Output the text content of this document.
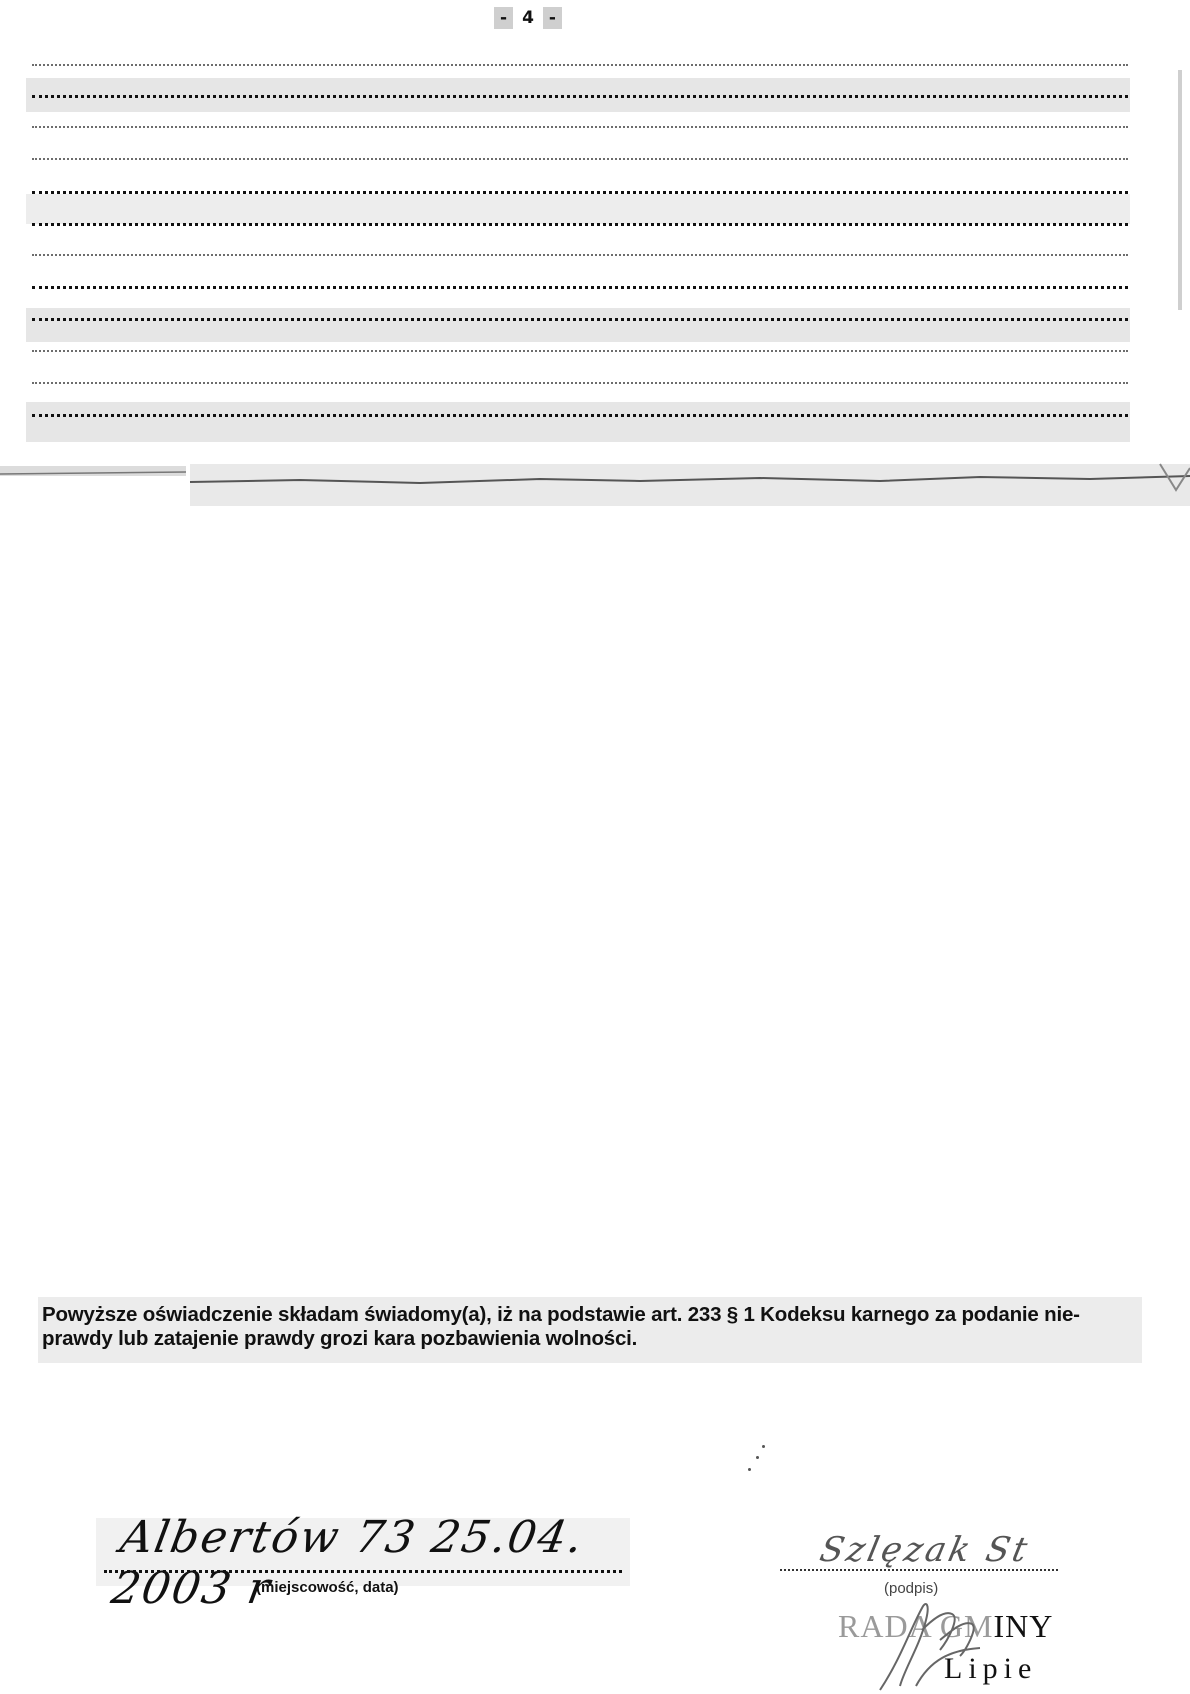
- 4 -

Powyższe oświadczenie składam świadomy(a), iż na podstawie art. 233 § 1 Kodeksu karnego za podanie nie-
prawdy lub zatajenie prawdy grozi kara pozbawienia wolności.

Albertów 73 25.04. 2003 r
(miejscowość, data)
Szlęzak St
(podpis)
RADA GMINY
Lipie
